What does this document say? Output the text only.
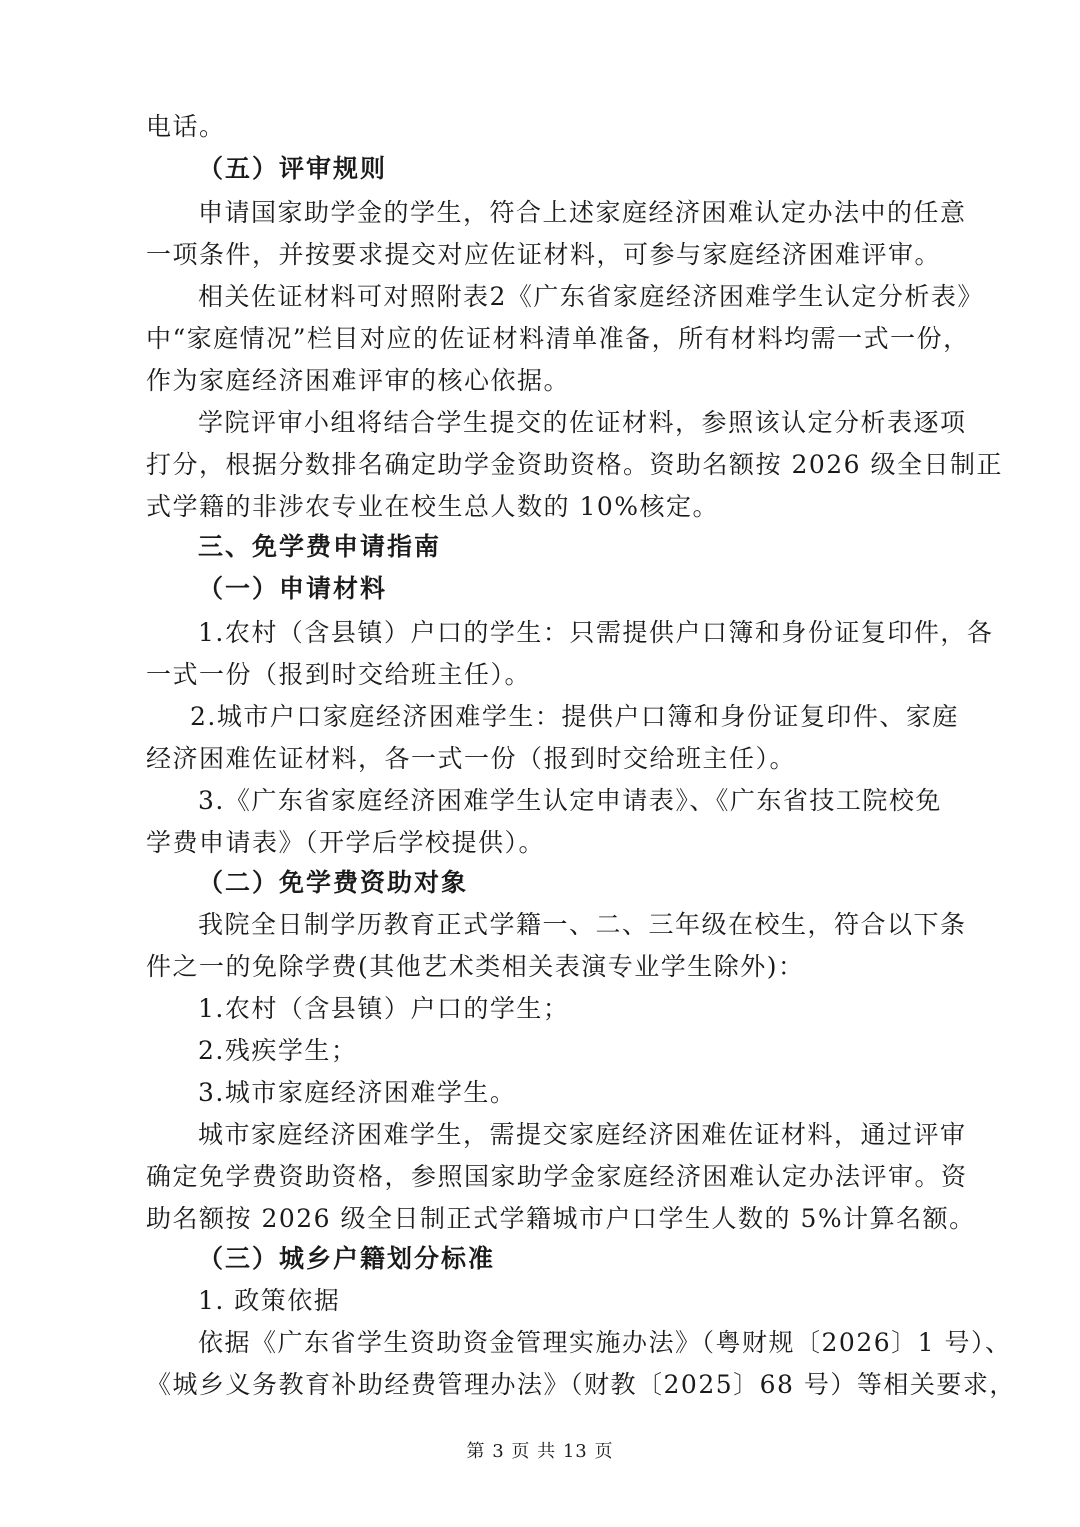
电话。
（五）评审规则
申请国家助学金的学生，符合上述家庭经济困难认定办法中的任意
一项条件，并按要求提交对应佐证材料，可参与家庭经济困难评审。
相关佐证材料可对照附表2《广东省家庭经济困难学生认定分析表》
中“家庭情况”栏目对应的佐证材料清单准备，所有材料均需一式一份，
作为家庭经济困难评审的核心依据。
学院评审小组将结合学生提交的佐证材料，参照该认定分析表逐项
打分，根据分数排名确定助学金资助资格。资助名额按 2026 级全日制正
式学籍的非涉农专业在校生总人数的 10%核定。
三、免学费申请指南
（一）申请材料
1.农村（含县镇）户口的学生：只需提供户口簿和身份证复印件，各
一式一份（报到时交给班主任）。
2.城市户口家庭经济困难学生：提供户口簿和身份证复印件、家庭
经济困难佐证材料，各一式一份（报到时交给班主任）。
3.《广东省家庭经济困难学生认定申请表》、《广东省技工院校免
学费申请表》（开学后学校提供）。
（二）免学费资助对象
我院全日制学历教育正式学籍一、二、三年级在校生，符合以下条
件之一的免除学费(其他艺术类相关表演专业学生除外)：
1.农村（含县镇）户口的学生；
2.残疾学生；
3.城市家庭经济困难学生。
城市家庭经济困难学生，需提交家庭经济困难佐证材料，通过评审
确定免学费资助资格，参照国家助学金家庭经济困难认定办法评审。资
助名额按 2026 级全日制正式学籍城市户口学生人数的 5%计算名额。
（三）城乡户籍划分标准
1. 政策依据
依据《广东省学生资助资金管理实施办法》（粤财规〔2026〕1 号）、
《城乡义务教育补助经费管理办法》（财教〔2025〕68 号）等相关要求，
第 3 页 共 13 页
